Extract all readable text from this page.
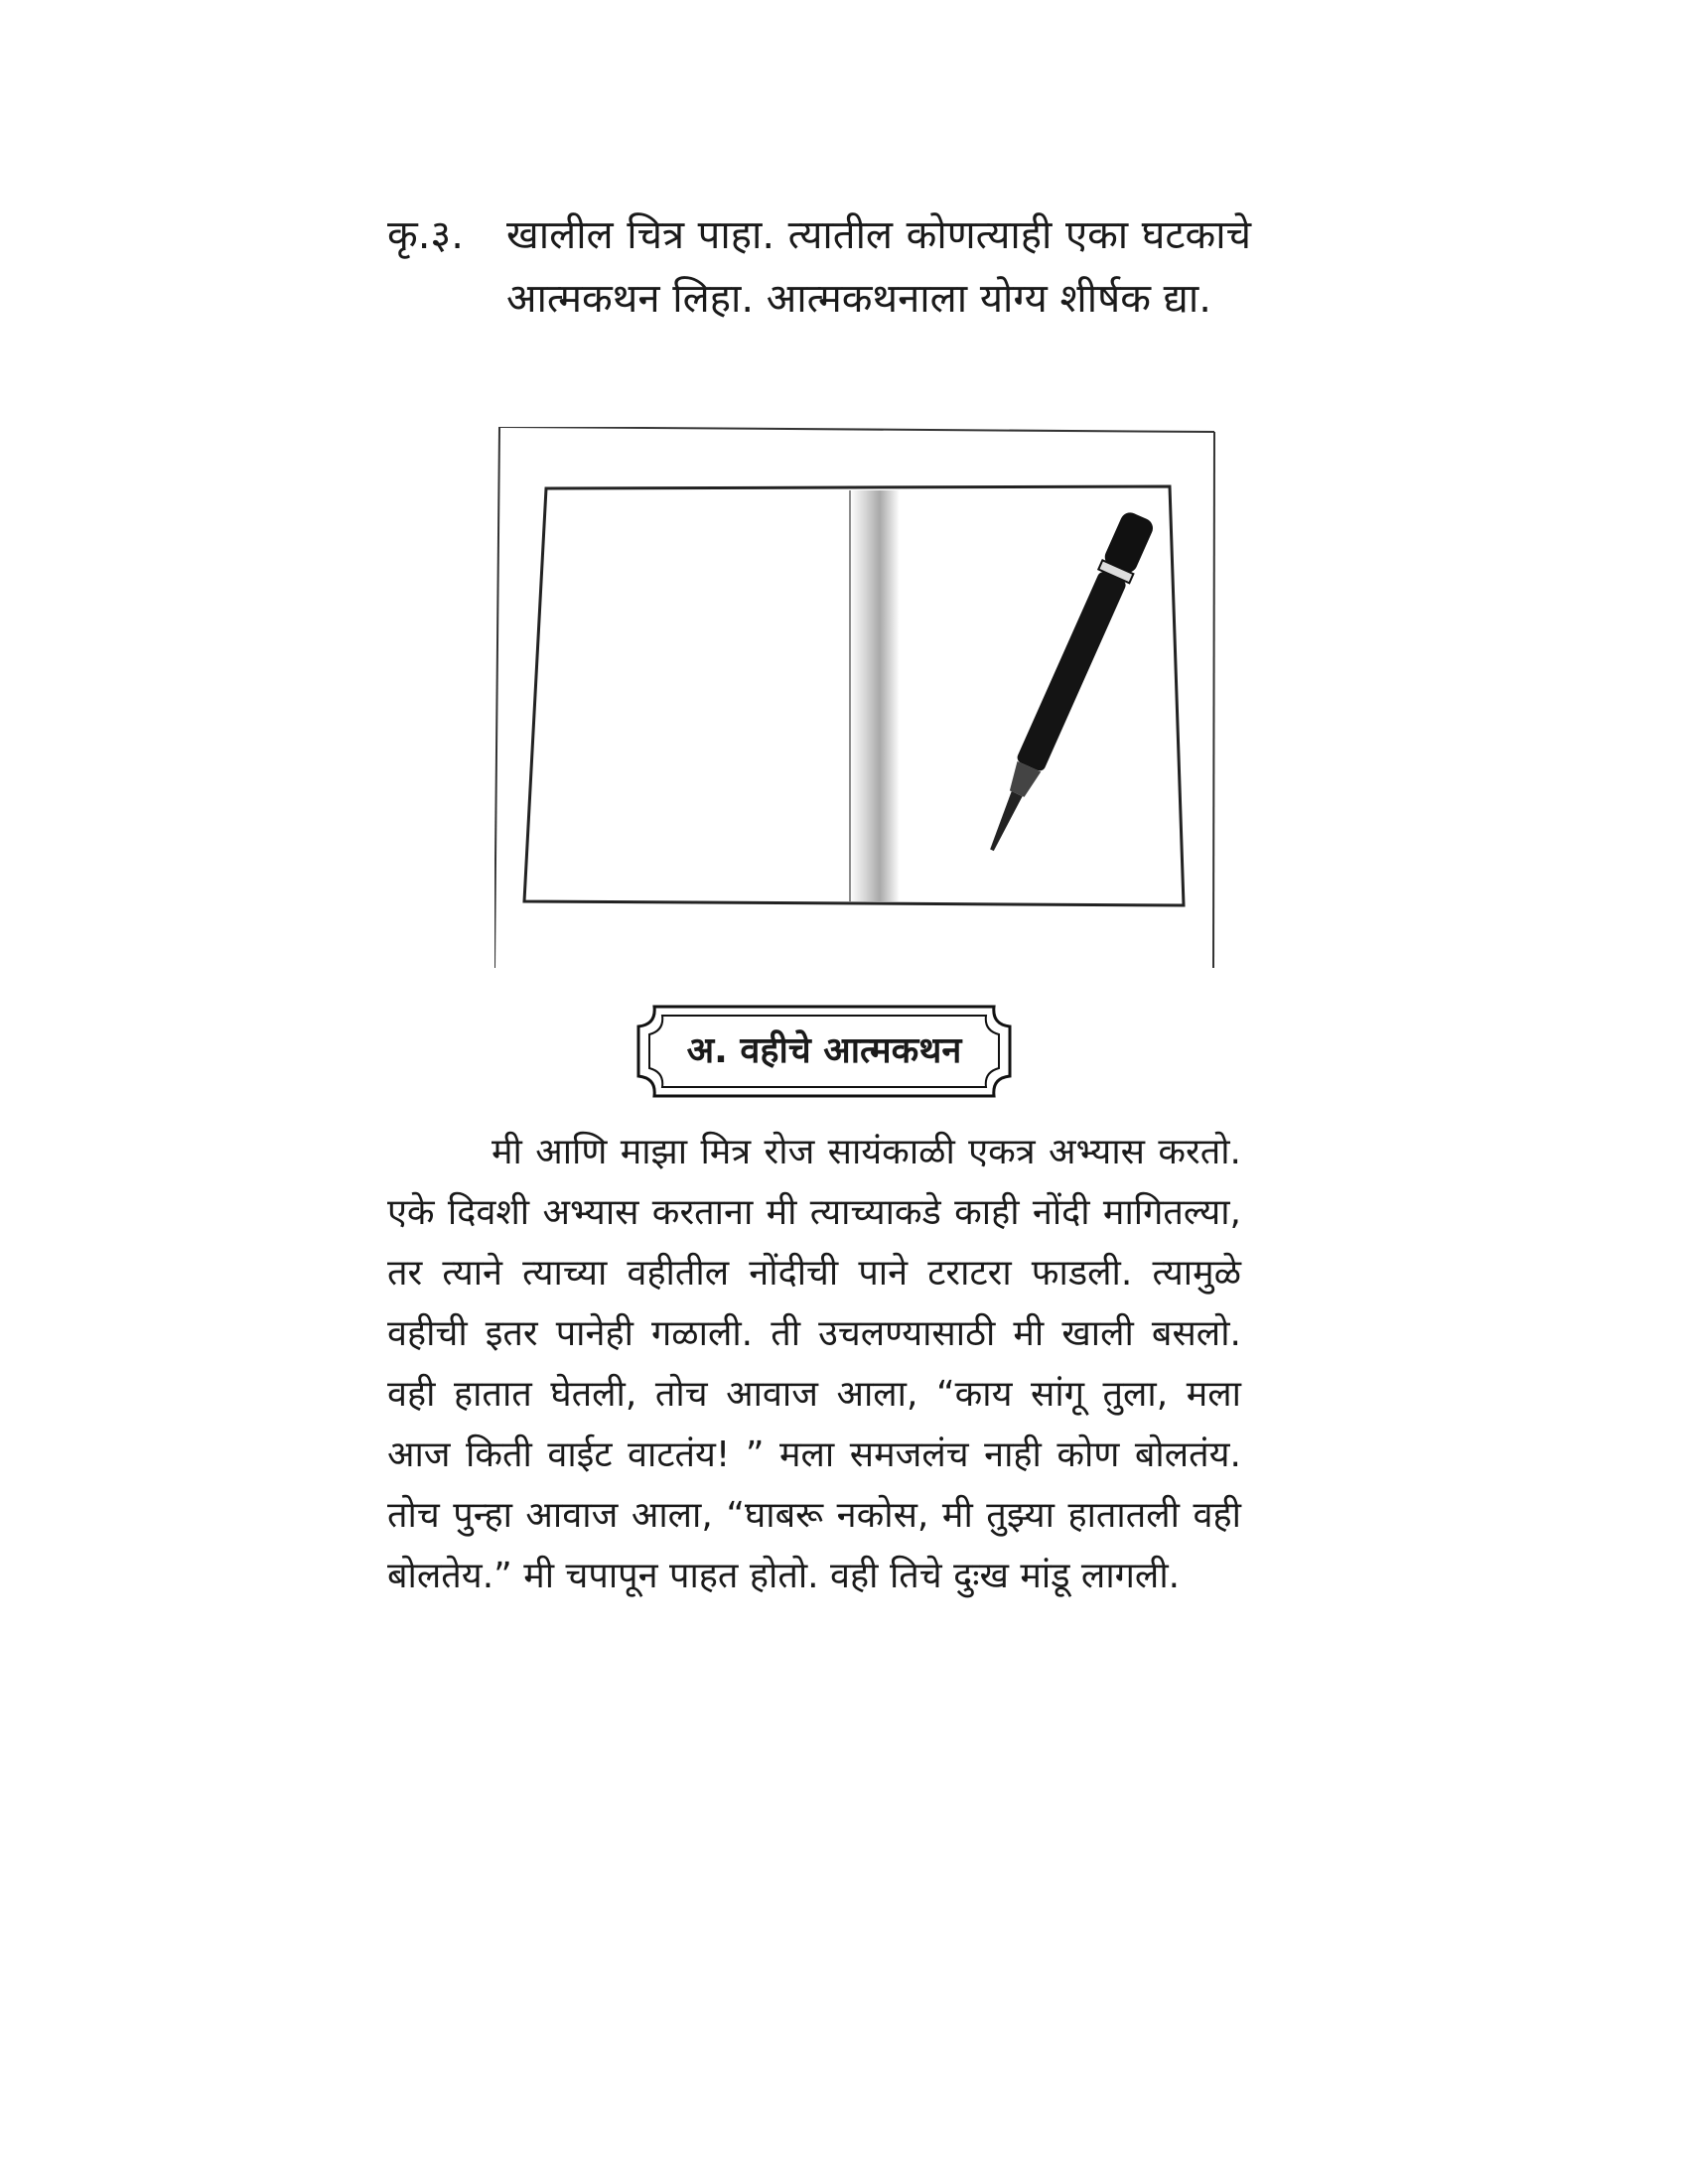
कृ.३. खालील चित्र पाहा. त्यातील कोणत्याही एका घटकाचे आत्मकथन लिहा. आत्मकथनाला योग्य शीर्षक द्या.
अ. वहीचे आत्मकथन

मी आणि माझा मित्र रोज सायंकाळी एकत्र अभ्यास करतो. एके दिवशी अभ्यास करताना मी त्याच्याकडे काही नोंदी मागितल्या, तर त्याने त्याच्या वहीतील नोंदीची पाने टराटरा फाडली. त्यामुळे वहीची इतर पानेही गळाली. ती उचलण्यासाठी मी खाली बसलो. वही हातात घेतली, तोच आवाज आला, “काय सांगू तुला, मला आज किती वाईट वाटतंय! ” मला समजलंच नाही कोण बोलतंय. तोच पुन्हा आवाज आला, “घाबरू नकोस, मी तुझ्या हातातली वही बोलतेय.” मी चपापून पाहत होतो. वही तिचे दुःख मांडू लागली.
